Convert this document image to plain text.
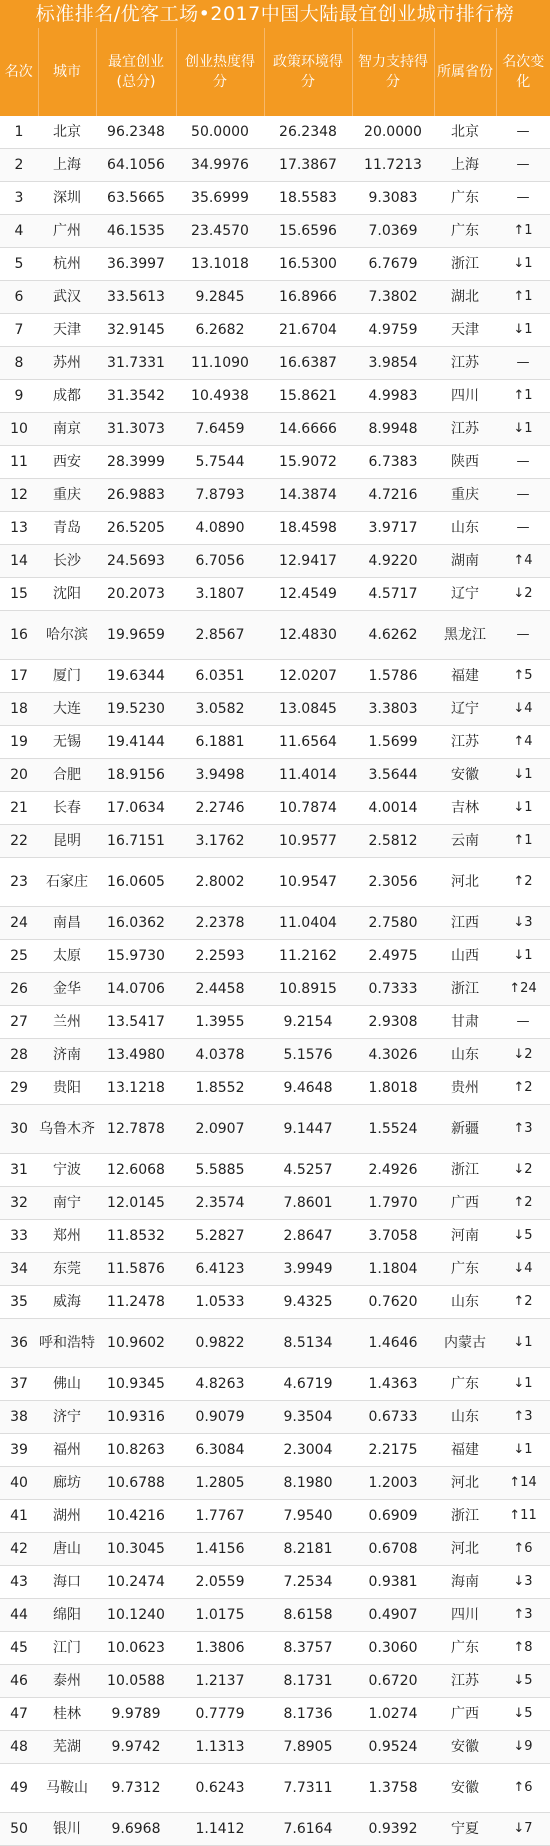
标准排名/优客工场•2017中国大陆最宜创业城市排行榜
名次	城市	最宜创业(总分)	创业热度得分	政策环境得分	智力支持得分	所属省份	名次变化
1	北京	96.2348	50.0000	26.2348	20.0000	北京	—
2	上海	64.1056	34.9976	17.3867	11.7213	上海	—
3	深圳	63.5665	35.6999	18.5583	9.3083	广东	—
4	广州	46.1535	23.4570	15.6596	7.0369	广东	↑1
5	杭州	36.3997	13.1018	16.5300	6.7679	浙江	↓1
6	武汉	33.5613	9.2845	16.8966	7.3802	湖北	↑1
7	天津	32.9145	6.2682	21.6704	4.9759	天津	↓1
8	苏州	31.7331	11.1090	16.6387	3.9854	江苏	—
9	成都	31.3542	10.4938	15.8621	4.9983	四川	↑1
10	南京	31.3073	7.6459	14.6666	8.9948	江苏	↓1
11	西安	28.3999	5.7544	15.9072	6.7383	陕西	—
12	重庆	26.9883	7.8793	14.3874	4.7216	重庆	—
13	青岛	26.5205	4.0890	18.4598	3.9717	山东	—
14	长沙	24.5693	6.7056	12.9417	4.9220	湖南	↑4
15	沈阳	20.2073	3.1807	12.4549	4.5717	辽宁	↓2
16	哈尔滨	19.9659	2.8567	12.4830	4.6262	黑龙江	—
17	厦门	19.6344	6.0351	12.0207	1.5786	福建	↑5
18	大连	19.5230	3.0582	13.0845	3.3803	辽宁	↓4
19	无锡	19.4144	6.1881	11.6564	1.5699	江苏	↑4
20	合肥	18.9156	3.9498	11.4014	3.5644	安徽	↓1
21	长春	17.0634	2.2746	10.7874	4.0014	吉林	↓1
22	昆明	16.7151	3.1762	10.9577	2.5812	云南	↑1
23	石家庄	16.0605	2.8002	10.9547	2.3056	河北	↑2
24	南昌	16.0362	2.2378	11.0404	2.7580	江西	↓3
25	太原	15.9730	2.2593	11.2162	2.4975	山西	↓1
26	金华	14.0706	2.4458	10.8915	0.7333	浙江	↑24
27	兰州	13.5417	1.3955	9.2154	2.9308	甘肃	—
28	济南	13.4980	4.0378	5.1576	4.3026	山东	↓2
29	贵阳	13.1218	1.8552	9.4648	1.8018	贵州	↑2
30	乌鲁木齐	12.7878	2.0907	9.1447	1.5524	新疆	↑3
31	宁波	12.6068	5.5885	4.5257	2.4926	浙江	↓2
32	南宁	12.0145	2.3574	7.8601	1.7970	广西	↑2
33	郑州	11.8532	5.2827	2.8647	3.7058	河南	↓5
34	东莞	11.5876	6.4123	3.9949	1.1804	广东	↓4
35	威海	11.2478	1.0533	9.4325	0.7620	山东	↑2
36	呼和浩特	10.9602	0.9822	8.5134	1.4646	内蒙古	↓1
37	佛山	10.9345	4.8263	4.6719	1.4363	广东	↓1
38	济宁	10.9316	0.9079	9.3504	0.6733	山东	↑3
39	福州	10.8263	6.3084	2.3004	2.2175	福建	↓1
40	廊坊	10.6788	1.2805	8.1980	1.2003	河北	↑14
41	湖州	10.4216	1.7767	7.9540	0.6909	浙江	↑11
42	唐山	10.3045	1.4156	8.2181	0.6708	河北	↑6
43	海口	10.2474	2.0559	7.2534	0.9381	海南	↓3
44	绵阳	10.1240	1.0175	8.6158	0.4907	四川	↑3
45	江门	10.0623	1.3806	8.3757	0.3060	广东	↑8
46	泰州	10.0588	1.2137	8.1731	0.6720	江苏	↓5
47	桂林	9.9789	0.7779	8.1736	1.0274	广西	↓5
48	芜湖	9.9742	1.1313	7.8905	0.9524	安徽	↓9
49	马鞍山	9.7312	0.6243	7.7311	1.3758	安徽	↑6
50	银川	9.6968	1.1412	7.6164	0.9392	宁夏	↓7
